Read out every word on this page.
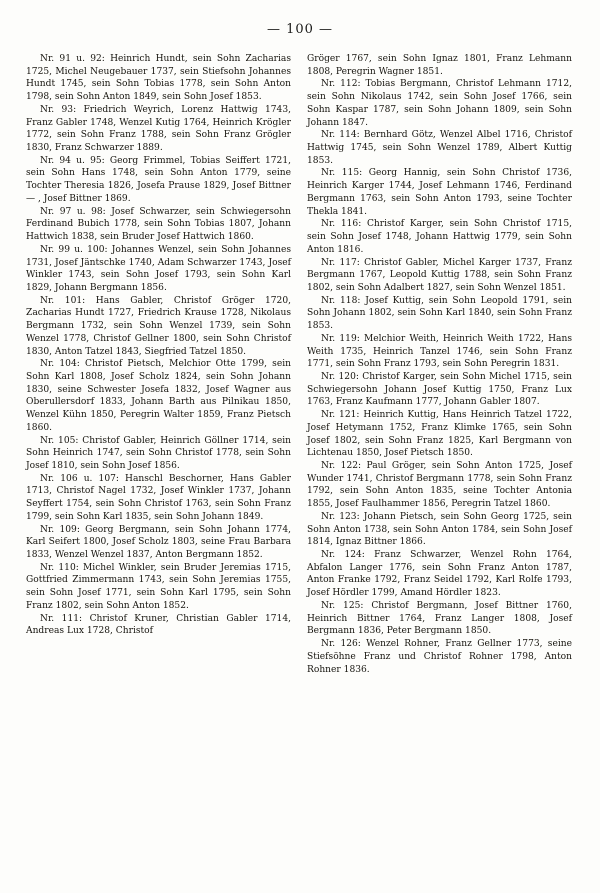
— 100 —

Nr. 91 u. 92: Heinrich Hundt, sein Sohn Zacharias 1725, Michel Neugebauer 1737, sein Stiefsohn Johannes Hundt 1745, sein Sohn Tobias 1778, sein Sohn Anton 1798, sein Sohn Anton 1849, sein Sohn Josef 1853.

Nr. 93: Friedrich Weyrich, Lorenz Hattwig 1743, Franz Gabler 1748, Wenzel Kutig 1764, Heinrich Krögler 1772, sein Sohn Franz 1788, sein Sohn Franz Grögler 1830, Franz Schwarzer 1889.

Nr. 94 u. 95: Georg Frimmel, Tobias Seiffert 1721, sein Sohn Hans 1748, sein Sohn Anton 1779, seine Tochter Theresia 1826, Josefa Prause 1829, Josef Bittner — , Josef Bittner 1869.

Nr. 97 u. 98: Josef Schwarzer, sein Schwiegersohn Ferdinand Bubich 1778, sein Sohn Tobias 1807, Johann Hattwich 1838, sein Bruder Josef Hattwich 1860.

Nr. 99 u. 100: Johannes Wenzel, sein Sohn Johannes 1731, Josef Jäntschke 1740, Adam Schwarzer 1743, Josef Winkler 1743, sein Sohn Josef 1793, sein Sohn Karl 1829, Johann Bergmann 1856.

Nr. 101: Hans Gabler, Christof Gröger 1720, Zacharias Hundt 1727, Friedrich Krause 1728, Nikolaus Bergmann 1732, sein Sohn Wenzel 1739, sein Sohn Wenzel 1778, Christof Gellner 1800, sein Sohn Christof 1830, Anton Tatzel 1843, Siegfried Tatzel 1850.

Nr. 104: Christof Pietsch, Melchior Otte 1799, sein Sohn Karl 1808, Josef Scholz 1824, sein Sohn Johann 1830, seine Schwester Josefa 1832, Josef Wagner aus Oberullersdorf 1833, Johann Barth aus Pilnikau 1850, Wenzel Kühn 1850, Peregrin Walter 1859, Franz Pietsch 1860.

Nr. 105: Christof Gabler, Heinrich Göllner 1714, sein Sohn Heinrich 1747, sein Sohn Christof 1778, sein Sohn Josef 1810, sein Sohn Josef 1856.

Nr. 106 u. 107: Hanschl Beschorner, Hans Gabler 1713, Christof Nagel 1732, Josef Winkler 1737, Johann Seyffert 1754, sein Sohn Christof 1763, sein Sohn Franz 1799, sein Sohn Karl 1835, sein Sohn Johann 1849.

Nr. 109: Georg Bergmann, sein Sohn Johann 1774, Karl Seifert 1800, Josef Scholz 1803, seine Frau Barbara 1833, Wenzel Wenzel 1837, Anton Bergmann 1852.

Nr. 110: Michel Winkler, sein Bruder Jeremias 1715, Gottfried Zimmermann 1743, sein Sohn Jeremias 1755, sein Sohn Josef 1771, sein Sohn Karl 1795, sein Sohn Franz 1802, sein Sohn Anton 1852.

Nr. 111: Christof Kruner, Christian Gabler 1714, Andreas Lux 1728, Christof

Gröger 1767, sein Sohn Ignaz 1801, Franz Lehmann 1808, Peregrin Wagner 1851.

Nr. 112: Tobias Bergmann, Christof Lehmann 1712, sein Sohn Nikolaus 1742, sein Sohn Josef 1766, sein Sohn Kaspar 1787, sein Sohn Johann 1809, sein Sohn Johann 1847.

Nr. 114: Bernhard Götz, Wenzel Albel 1716, Christof Hattwig 1745, sein Sohn Wenzel 1789, Albert Kuttig 1853.

Nr. 115: Georg Hannig, sein Sohn Christof 1736, Heinrich Karger 1744, Josef Lehmann 1746, Ferdinand Bergmann 1763, sein Sohn Anton 1793, seine Tochter Thekla 1841.

Nr. 116: Christof Karger, sein Sohn Christof 1715, sein Sohn Josef 1748, Johann Hattwig 1779, sein Sohn Anton 1816.

Nr. 117: Christof Gabler, Michel Karger 1737, Franz Bergmann 1767, Leopold Kuttig 1788, sein Sohn Franz 1802, sein Sohn Adalbert 1827, sein Sohn Wenzel 1851.

Nr. 118: Josef Kuttig, sein Sohn Leopold 1791, sein Sohn Johann 1802, sein Sohn Karl 1840, sein Sohn Franz 1853.

Nr. 119: Melchior Weith, Heinrich Weith 1722, Hans Weith 1735, Heinrich Tanzel 1746, sein Sohn Franz 1771, sein Sohn Franz 1793, sein Sohn Peregrin 1831.

Nr. 120: Christof Karger, sein Sohn Michel 1715, sein Schwiegersohn Johann Josef Kuttig 1750, Franz Lux 1763, Franz Kaufmann 1777, Johann Gabler 1807.

Nr. 121: Heinrich Kuttig, Hans Heinrich Tatzel 1722, Josef Hetymann 1752, Franz Klimke 1765, sein Sohn Josef 1802, sein Sohn Franz 1825, Karl Bergmann von Lichtenau 1850, Josef Pietsch 1850.

Nr. 122: Paul Gröger, sein Sohn Anton 1725, Josef Wunder 1741, Christof Bergmann 1778, sein Sohn Franz 1792, sein Sohn Anton 1835, seine Tochter Antonia 1855, Josef Faulhammer 1856, Peregrin Tatzel 1860.

Nr. 123: Johann Pietsch, sein Sohn Georg 1725, sein Sohn Anton 1738, sein Sohn Anton 1784, sein Sohn Josef 1814, Ignaz Bittner 1866.

Nr. 124: Franz Schwarzer, Wenzel Rohn 1764, Abfalon Langer 1776, sein Sohn Franz Anton 1787, Anton Franke 1792, Franz Seidel 1792, Karl Rolfe 1793, Josef Hördler 1799, Amand Hördler 1823.

Nr. 125: Christof Bergmann, Josef Bittner 1760, Heinrich Bittner 1764, Franz Langer 1808, Josef Bergmann 1836, Peter Bergmann 1850.

Nr. 126: Wenzel Rohner, Franz Gellner 1773, seine Stiefsöhne Franz und Christof Rohner 1798, Anton Rohner 1836.
